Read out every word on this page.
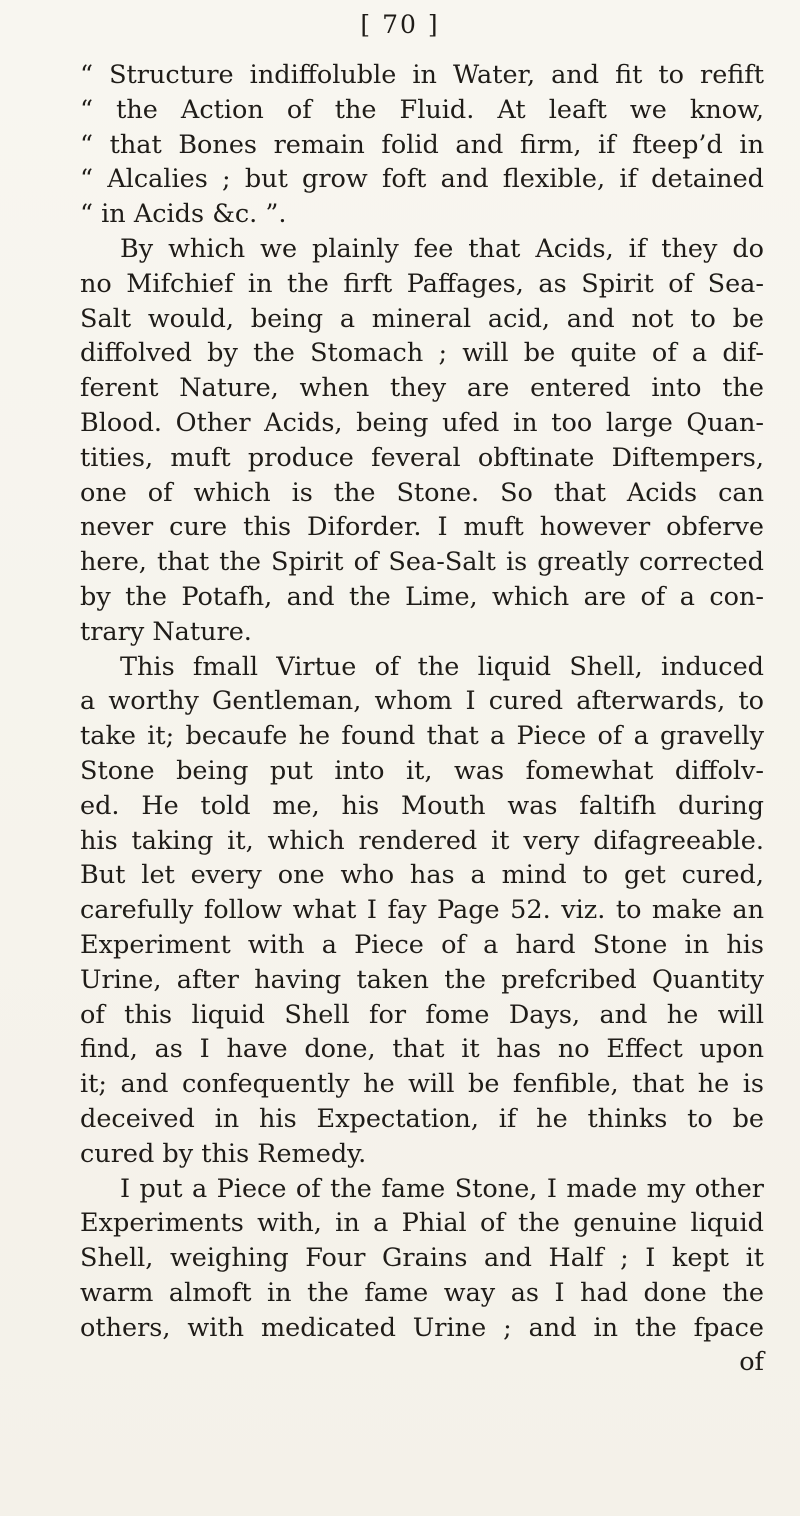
[ 70 ]
“ Structure indiffoluble in Water, and fit to refift
“ the Action of the Fluid. At leaft we know,
“ that Bones remain folid and firm, if fteep’d in
“ Alcalies ; but grow foft and flexible, if detained
“ in Acids &c. ”.
By which we plainly fee that Acids, if they do
no Mifchief in the firft Paffages, as Spirit of Sea-
Salt would, being a mineral acid, and not to be
diffolved by the Stomach ; will be quite of a dif-
ferent Nature, when they are entered into the
Blood. Other Acids, being ufed in too large Quan-
tities, muft produce feveral obftinate Diftempers,
one of which is the Stone. So that Acids can
never cure this Diforder. I muft however obferve
here, that the Spirit of Sea-Salt is greatly corrected
by the Potafh, and the Lime, which are of a con-
trary Nature.
This fmall Virtue of the liquid Shell, induced
a worthy Gentleman, whom I cured afterwards, to
take it; becaufe he found that a Piece of a gravelly
Stone being put into it, was fomewhat diffolv-
ed. He told me, his Mouth was faltifh during
his taking it, which rendered it very difagreeable.
But let every one who has a mind to get cured,
carefully follow what I fay Page 52. viz. to make an
Experiment with a Piece of a hard Stone in his
Urine, after having taken the prefcribed Quantity
of this liquid Shell for fome Days, and he will
find, as I have done, that it has no Effect upon
it; and confequently he will be fenfible, that he is
deceived in his Expectation, if he thinks to be
cured by this Remedy.
I put a Piece of the fame Stone, I made my other
Experiments with, in a Phial of the genuine liquid
Shell, weighing Four Grains and Half ; I kept it
warm almoft in the fame way as I had done the
others, with medicated Urine ; and in the fpace
of
